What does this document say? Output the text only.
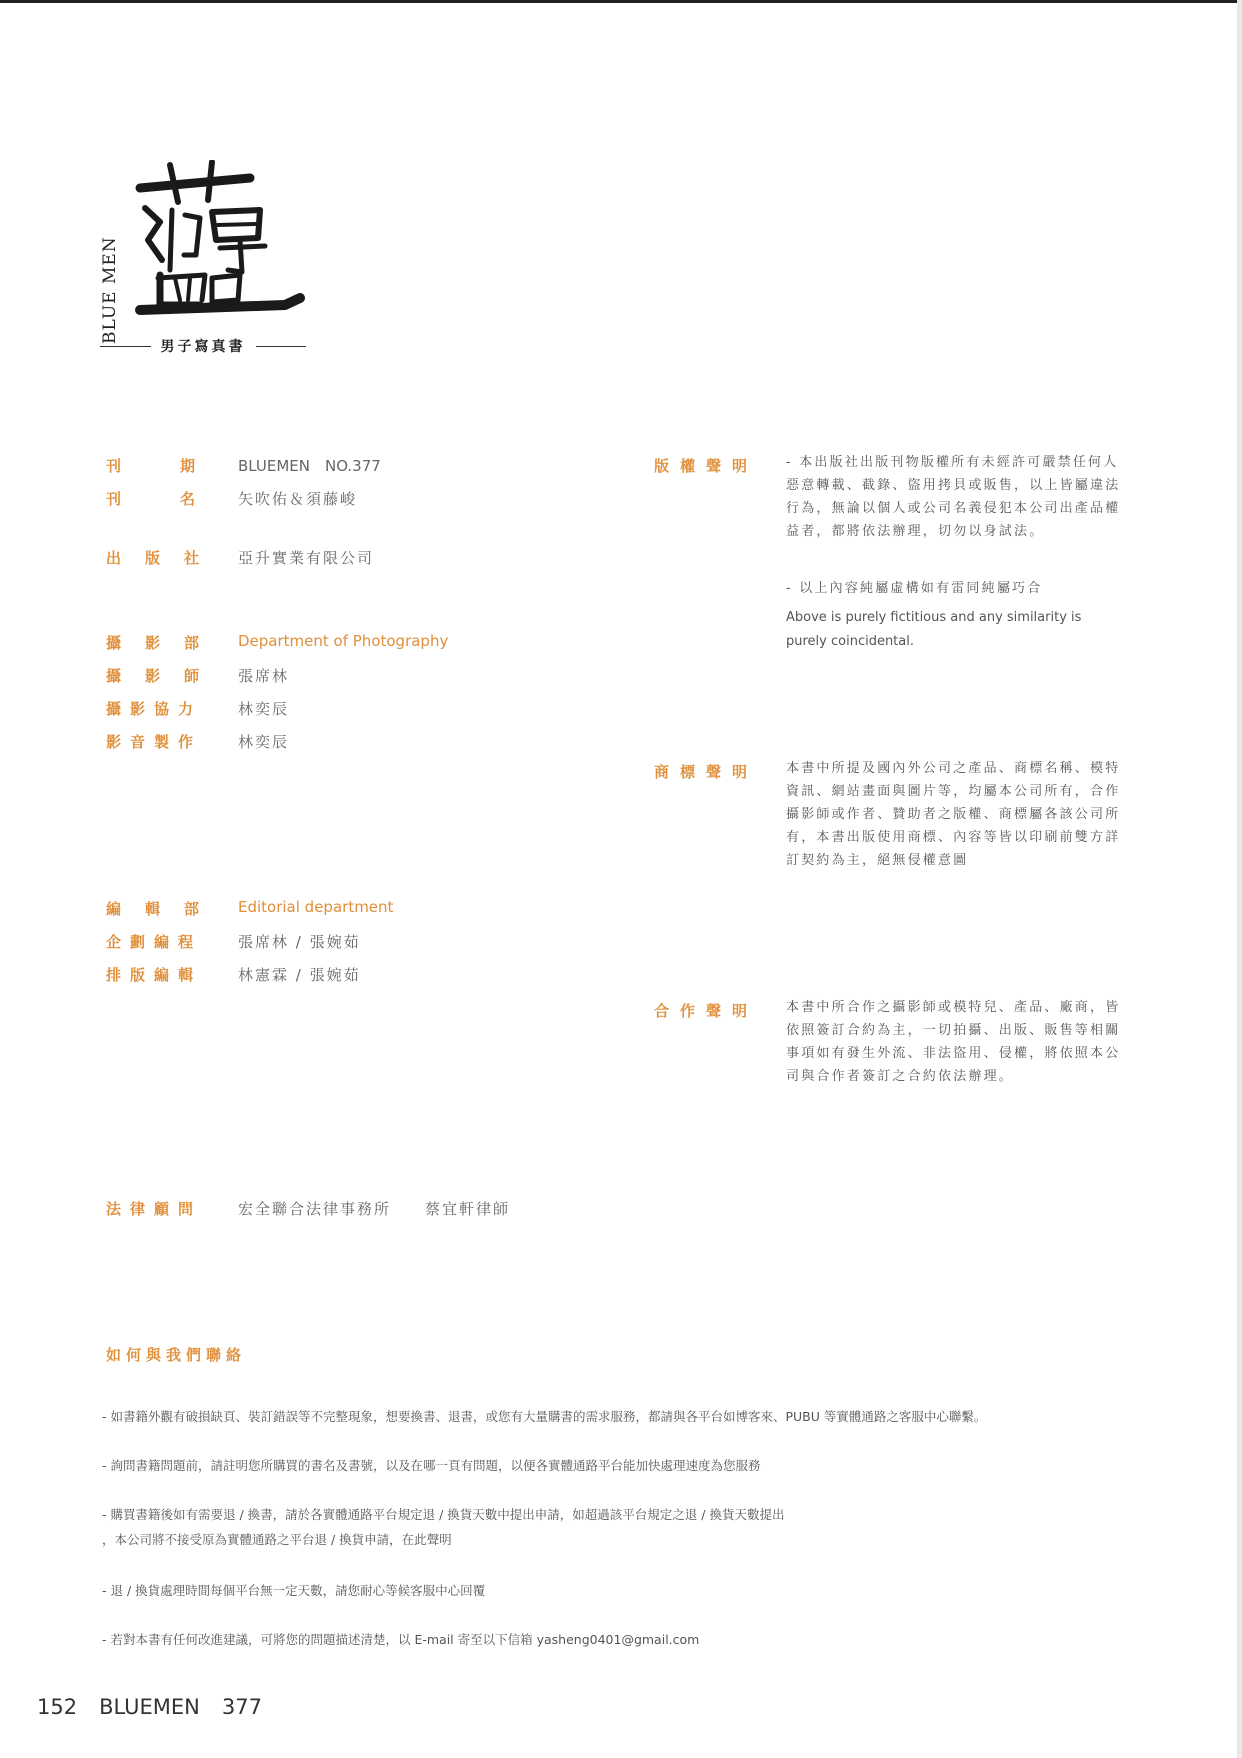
BLUE MEN
男子寫真書
刊　期 BLUEMEN　NO.377
刊　名 矢吹佑＆須藤峻
出版社 亞升實業有限公司
攝影部 Department of Photography
攝影師 張席林
攝影協力 林奕辰
影音製作 林奕辰
編輯部 Editorial department
企劃編程 張席林 / 張婉茹
排版編輯 林憲霖 / 張婉茹
法律顧問 宏全聯合法律事務所　　蔡宜軒律師
版權聲明 - 本出版社出版刊物版權所有未經許可嚴禁任何人惡意轉載、截錄、盜用拷貝或販售，以上皆屬違法行為，無論以個人或公司名義侵犯本公司出產品權益者，都將依法辦理，切勿以身試法。
- 以上內容純屬虛構如有雷同純屬巧合
Above is purely fictitious and any similarity is purely coincidental.
商標聲明 本書中所提及國內外公司之產品、商標名稱、模特資訊、網站畫面與圖片等，均屬本公司所有，合作攝影師或作者、贊助者之版權、商標屬各該公司所有，本書出版使用商標、內容等皆以印刷前雙方詳訂契約為主，絕無侵權意圖
合作聲明 本書中所合作之攝影師或模特兒、產品、廠商，皆依照簽訂合約為主，一切拍攝、出版、販售等相關事項如有發生外流、非法盜用、侵權，將依照本公司與合作者簽訂之合約依法辦理。
如何與我們聯絡
- 如書籍外觀有破損缺頁、裝訂錯誤等不完整現象，想要換書、退書，或您有大量購書的需求服務，都請與各平台如博客來、PUBU 等實體通路之客服中心聯繫。
- 詢問書籍問題前，請註明您所購買的書名及書號，以及在哪一頁有問題，以便各實體通路平台能加快處理速度為您服務
- 購買書籍後如有需要退 / 換書，請於各實體通路平台規定退 / 換貨天數中提出申請，如超過該平台規定之退 / 換貨天數提出
，本公司將不接受原為實體通路之平台退 / 換貨申請，在此聲明
- 退 / 換貨處理時間每個平台無一定天數，請您耐心等候客服中心回覆
- 若對本書有任何改進建議，可將您的問題描述清楚，以 E-mail 寄至以下信箱 yasheng0401@gmail.com
152 BLUEMEN 377
